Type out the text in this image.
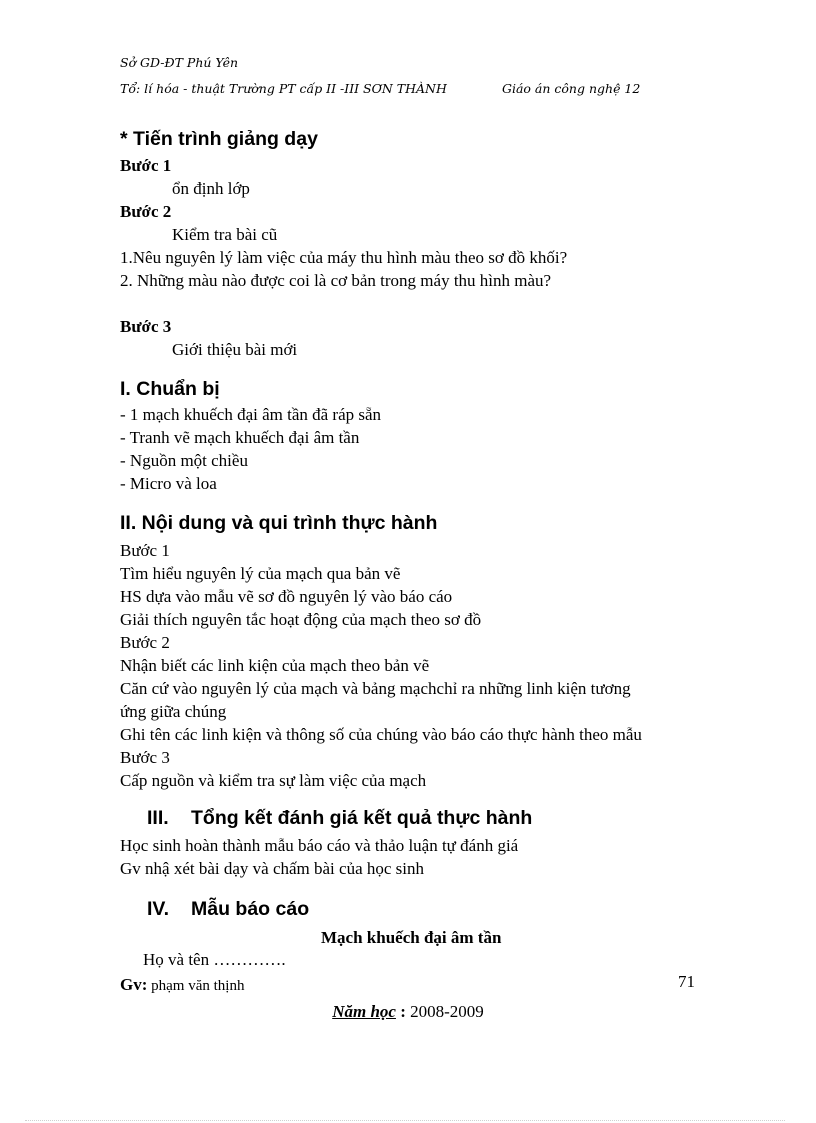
Sở GD-ĐT Phú Yên
Tổ: lí hóa - thuật Trường PT cấp II -III SƠN THÀNH	Giáo án công nghệ 12
* Tiến trình giảng dạy
Bước 1
ổn định lớp
Bước 2
Kiểm tra bài cũ
1.Nêu nguyên lý làm việc của máy thu hình màu theo sơ đồ khối?
2. Những màu nào được coi là cơ bản trong máy thu hình màu?
Bước 3
Giới thiệu bài mới
I. Chuẩn bị
- 1 mạch khuếch đại âm tần đã ráp sẵn
- Tranh vẽ mạch khuếch đại âm tần
- Nguồn một chiều
- Micro và loa
II. Nội dung và qui trình thực hành
Bước 1
Tìm hiểu nguyên lý của mạch qua bản vẽ
HS dựa vào mẫu vẽ sơ đồ nguyên lý vào báo cáo
Giải thích nguyên tắc hoạt động của mạch theo sơ đồ
Bước 2
Nhận biết các linh kiện của mạch theo bản vẽ
Căn cứ vào nguyên lý của mạch và bảng mạchchỉ ra những linh kiện tương
ứng giữa chúng
Ghi tên các linh kiện và thông số của chúng vào báo cáo thực hành theo mẫu
Bước 3
Cấp nguồn và kiểm tra sự làm việc của mạch
III. Tổng kết đánh giá kết quả thực hành
Học sinh hoàn thành mẫu báo cáo và thảo luận tự đánh giá
Gv nhậ xét bài dạy và chấm bài của học sinh
IV. Mẫu báo cáo
Mạch khuếch đại âm tần
Họ và tên ………….
Gv: phạm văn thịnh	71
Năm học : 2008-2009
